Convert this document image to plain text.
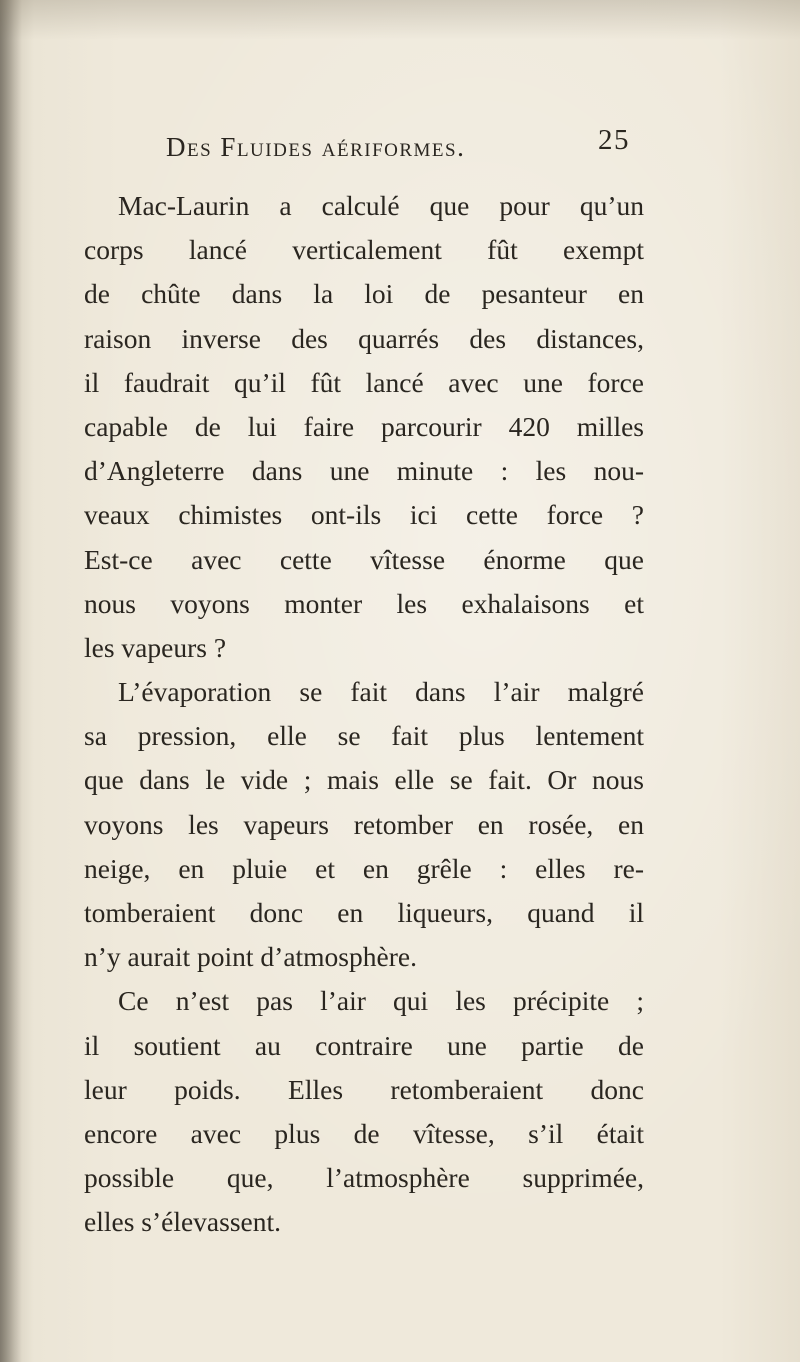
Des Fluides aériformes.	25
Mac-Laurin a calculé que pour qu’un
corps lancé verticalement fût exempt
de chûte dans la loi de pesanteur en
raison inverse des quarrés des distances,
il faudrait qu’il fût lancé avec une force
capable de lui faire parcourir 420 milles
d’Angleterre dans une minute : les nou-
veaux chimistes ont-ils ici cette force ?
Est-ce avec cette vîtesse énorme que
nous voyons monter les exhalaisons et
les vapeurs ?
L’évaporation se fait dans l’air malgré
sa pression, elle se fait plus lentement
que dans le vide ; mais elle se fait. Or nous
voyons les vapeurs retomber en rosée, en
neige, en pluie et en grêle : elles re-
tomberaient donc en liqueurs, quand il
n’y aurait point d’atmosphère.
Ce n’est pas l’air qui les précipite ;
il soutient au contraire une partie de
leur poids. Elles retomberaient donc
encore avec plus de vîtesse, s’il était
possible que, l’atmosphère supprimée,
elles s’élevassent.
